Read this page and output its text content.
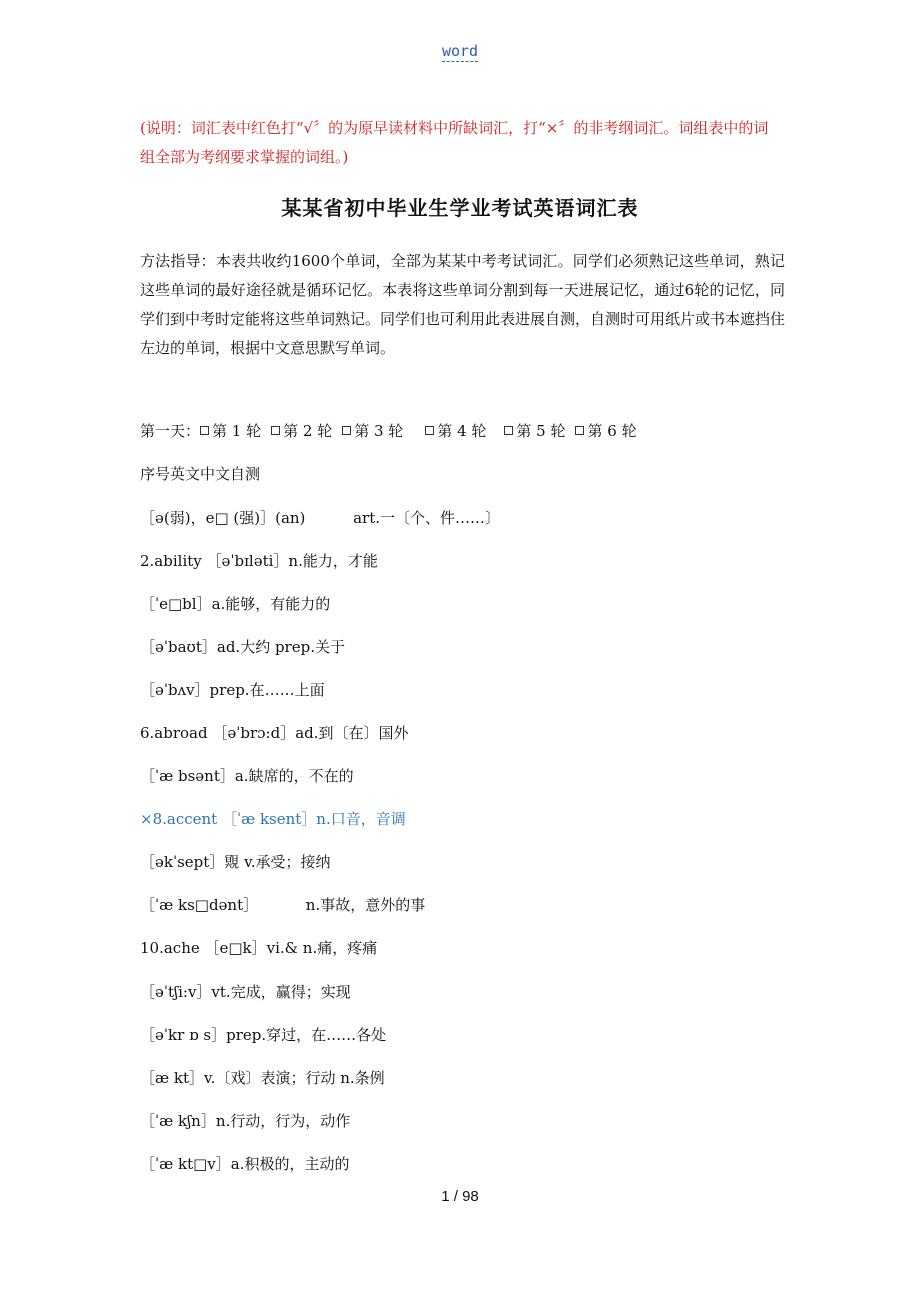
word
(说明：词汇表中红色打“√〞的为原早读材料中所缺词汇，打“×〞的非考纲词汇。词组表中的词组全部为考纲要求掌握的词组。)
某某省初中毕业生学业考试英语词汇表
方法指导：本表共收约1600个单词，全部为某某中考考试词汇。同学们必须熟记这些单词，熟记这些单词的最好途径就是循环记忆。本表将这些单词分割到每一天进展记忆，通过6轮的记忆，同学们到中考时定能将这些单词熟记。同学们也可利用此表进展自测，自测时可用纸片或书本遮挡住左边的单词，根据中文意思默写单词。
第一天： 第 1 轮 第 2 轮 第 3 轮 第 4 轮 第 5 轮 第 6 轮
序号英文中文自测
［ə(弱)，e□ (强)］(an)          art.一〔个、件……〕
2.ability ［əˈbɪləti］n.能力，才能
［ˈe□bl］a.能够，有能力的
［əˈbaʊt］ad.大约 prep.关于
［əˈbʌv］prep.在……上面
6.abroad ［əˈbrɔ:d］ad.到〔在〕国外
［ˈæ bsənt］a.缺席的，不在的
×8.accent ［ˈæ ksent］n.口音，音调
［əkˈsept］覭 v.承受；接纳
［ˈæ ks□dənt］          n.事故，意外的事
10.ache ［e□k］vi.& n.痛，疼痛
［əˈtʃi:v］vt.完成，赢得；实现
［əˈkr ɒ s］prep.穿过，在……各处
［æ kt］v.〔戏〕表演；行动 n.条例
［ˈæ kʃn］n.行动，行为，动作
［ˈæ kt□v］a.积极的，主动的
1 / 98
